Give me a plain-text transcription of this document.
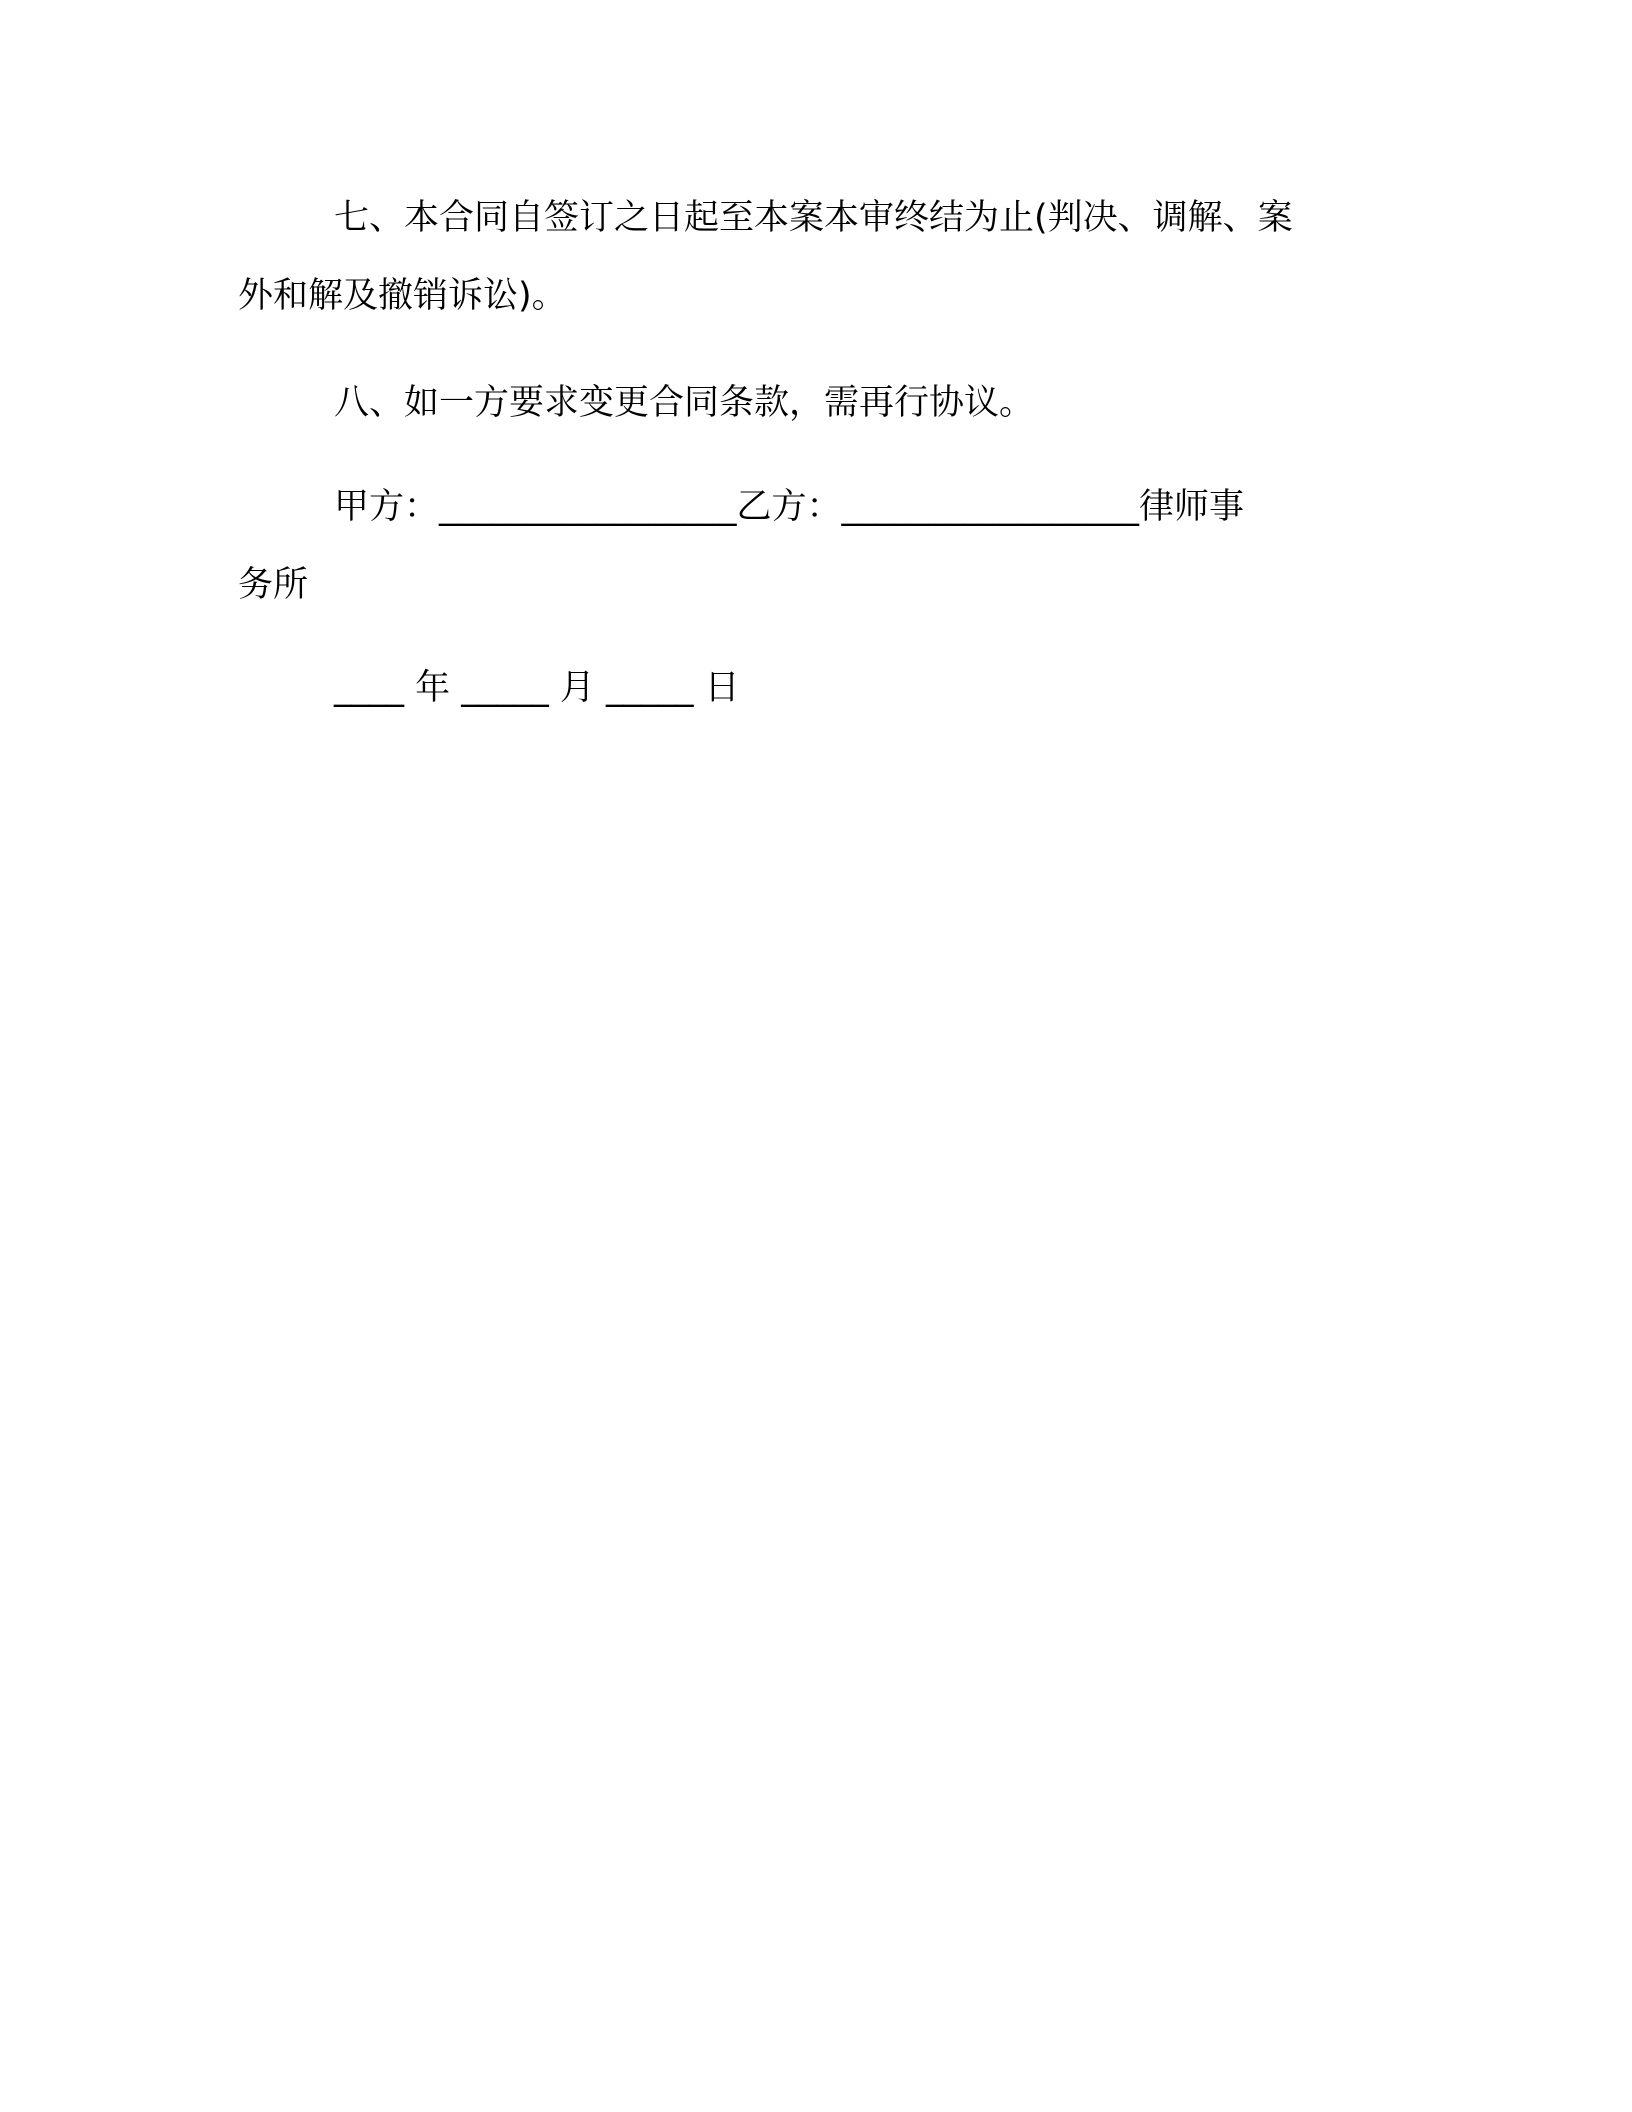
七、本合同自签订之日起至本案本审终结为止(判决、调解、案
外和解及撤销诉讼)。
八、如一方要求变更合同条款，需再行协议。
甲方：_________________乙方：_________________律师事
务所
____ 年 _____ 月 _____ 日
